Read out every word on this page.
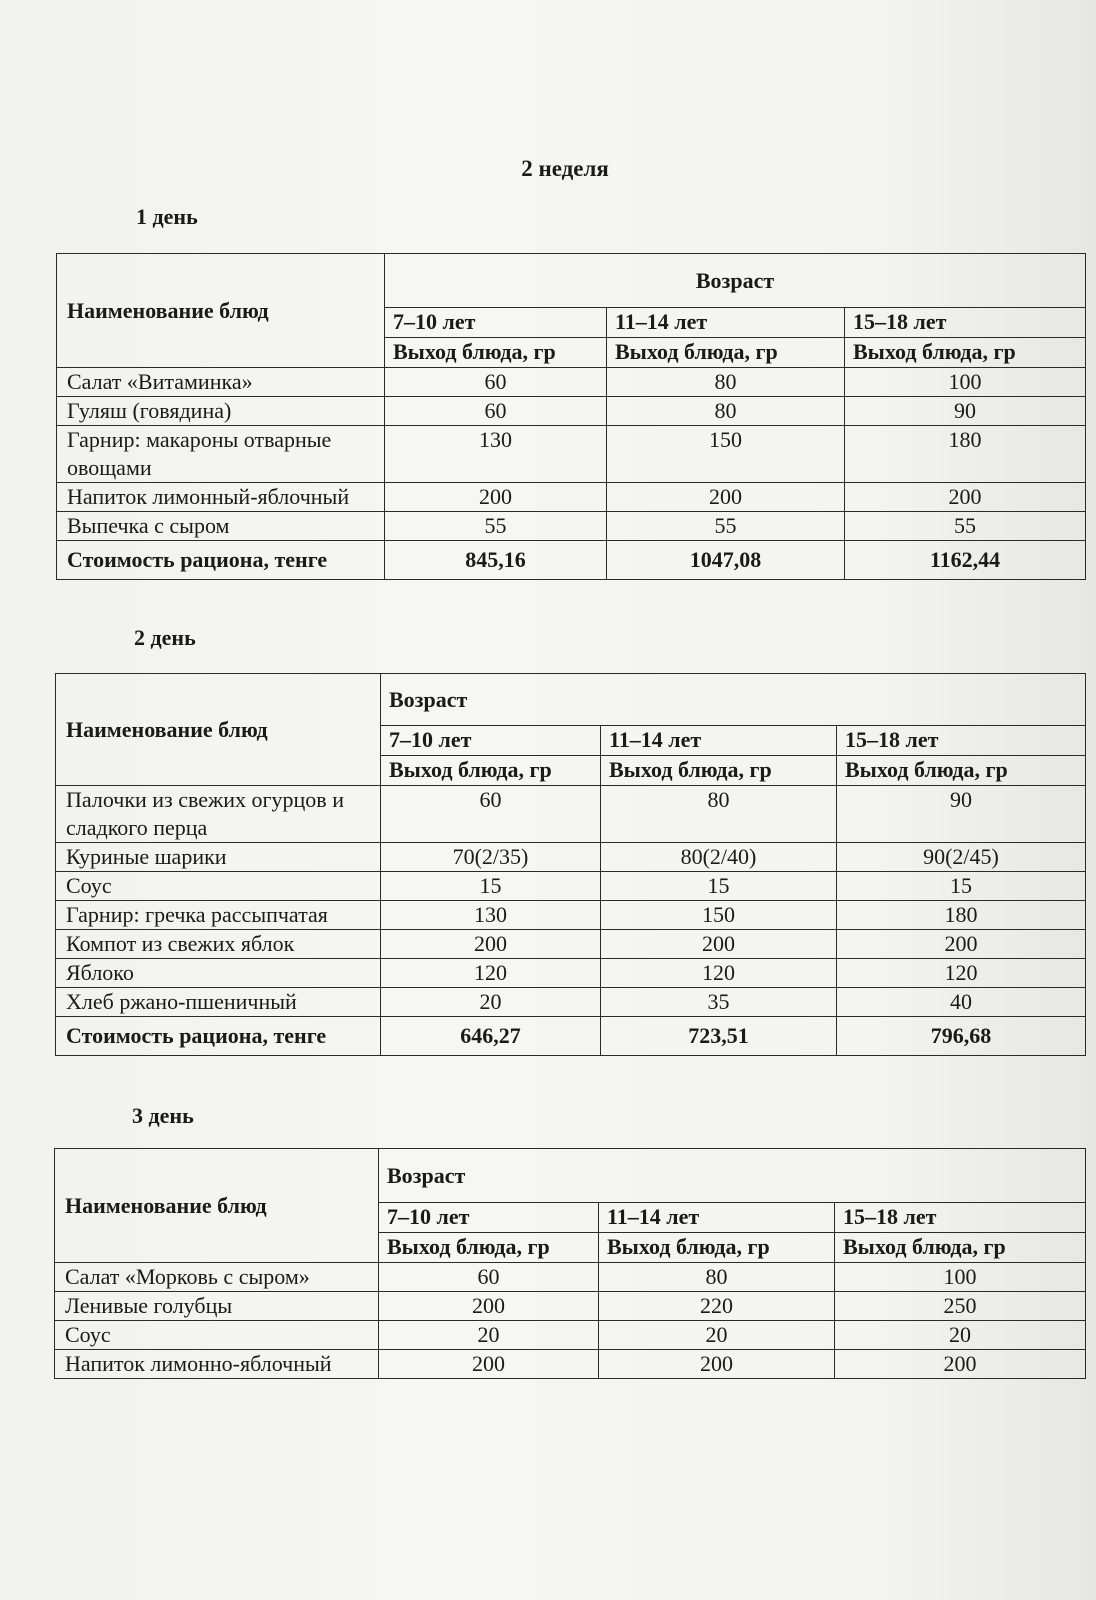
2 неделя
1 день
Наименование блюд	Возраст		
	7–10 лет	11–14 лет	15–18 лет
	Выход блюда, гр	Выход блюда, гр	Выход блюда, гр
Салат «Витаминка»	60	80	100
Гуляш (говядина)	60	80	90
Гарнир: макароны отварные овощами	130	150	180
Напиток лимонный-яблочный	200	200	200
Выпечка с сыром	55	55	55
Стоимость рациона, тенге	845,16	1047,08	1162,44
2 день
Наименование блюд	Возраст		
	7–10 лет	11–14 лет	15–18 лет
	Выход блюда, гр	Выход блюда, гр	Выход блюда, гр
Палочки из свежих огурцов и сладкого перца	60	80	90
Куриные шарики	70(2/35)	80(2/40)	90(2/45)
Соус	15	15	15
Гарнир: гречка рассыпчатая	130	150	180
Компот из свежих яблок	200	200	200
Яблоко	120	120	120
Хлеб ржано-пшеничный	20	35	40
Стоимость рациона, тенге	646,27	723,51	796,68
3 день
Наименование блюд	Возраст		
	7–10 лет	11–14 лет	15–18 лет
	Выход блюда, гр	Выход блюда, гр	Выход блюда, гр
Салат «Морковь с сыром»	60	80	100
Ленивые голубцы	200	220	250
Соус	20	20	20
Напиток лимонно-яблочный	200	200	200
